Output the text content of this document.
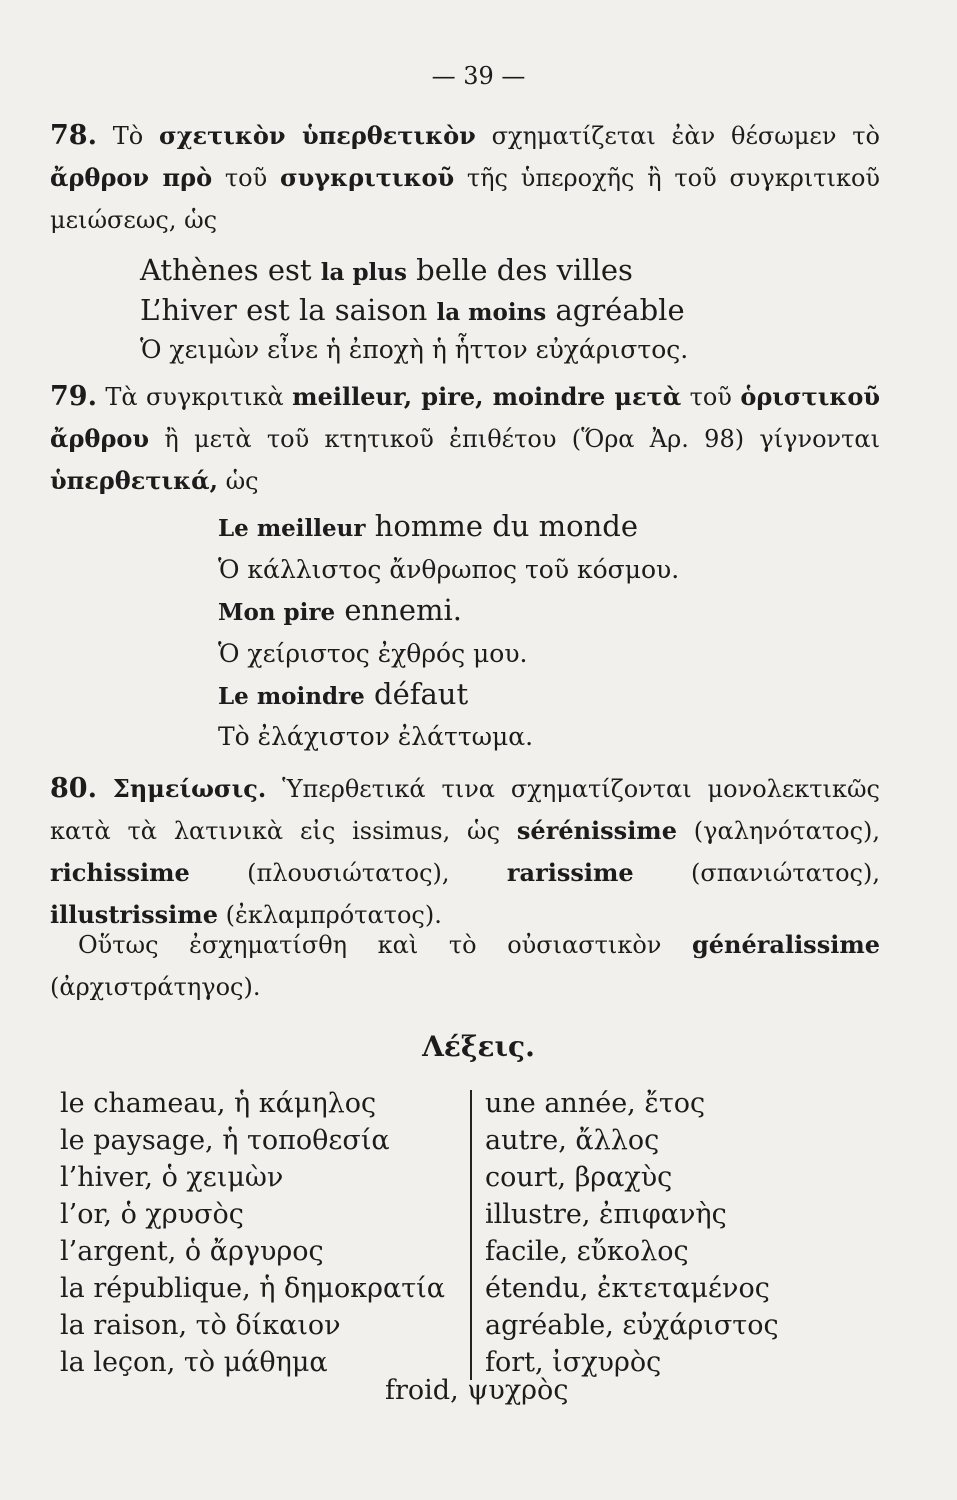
— 39 —
78. Τὸ σχετικὸν ὑπερθετικὸν σχηματίζεται ἐὰν θέσωμεν τὸ ἄρθρον πρὸ τοῦ συγκριτικοῦ τῆς ὑπεροχῆς ἢ τοῦ συγκριτικοῦ μειώσεως, ὡς
Athènes est la plus belle des villes
L’hiver est la saison la moins agréable
Ὁ χειμὼν εἶνε ἡ ἐποχὴ ἡ ἧττον εὐχάριστος.
79. Τὰ συγκριτικὰ meilleur, pire, moindre μετὰ τοῦ ὁριστικοῦ ἄρθρου ἢ μετὰ τοῦ κτητικοῦ ἐπιθέτου (Ὅρα Ἀρ. 98) γίγνονται ὑπερθετικά, ὡς
Le meilleur homme du monde
Ὁ κάλλιστος ἄνθρωπος τοῦ κόσμου.
Mon pire ennemi.
Ὁ χείριστος ἐχθρός μου.
Le moindre défaut
Τὸ ἐλάχιστον ἐλάττωμα.
80. Σημείωσις. Ὑπερθετικά τινα σχηματίζονται μονολεκτικῶς κατὰ τὰ λατινικὰ εἰς issimus, ὡς sérénissime (γαληνότατος), richissime (πλουσιώτατος), rarissime (σπανιώτατος), illustrissime (ἐκλαμπρότατος).
Οὕτως ἐσχηματίσθη καὶ τὸ οὐσιαστικὸν généralissime (ἀρχιστράτηγος).
Λέξεις.
le chameau, ἡ κάμηλος
le paysage, ἡ τοποθεσία
l’hiver, ὁ χειμὼν
l’or, ὁ χρυσὸς
l’argent, ὁ ἄργυρος
la république, ἡ δημοκρατία
la raison, τὸ δίκαιον
la leçon, τὸ μάθημα
une année, ἔτος
autre, ἄλλος
court, βραχὺς
illustre, ἐπιφανὴς
facile, εὔκολος
étendu, ἐκτεταμένος
agréable, εὐχάριστος
fort, ἰσχυρὸς
froid, ψυχρὸς
